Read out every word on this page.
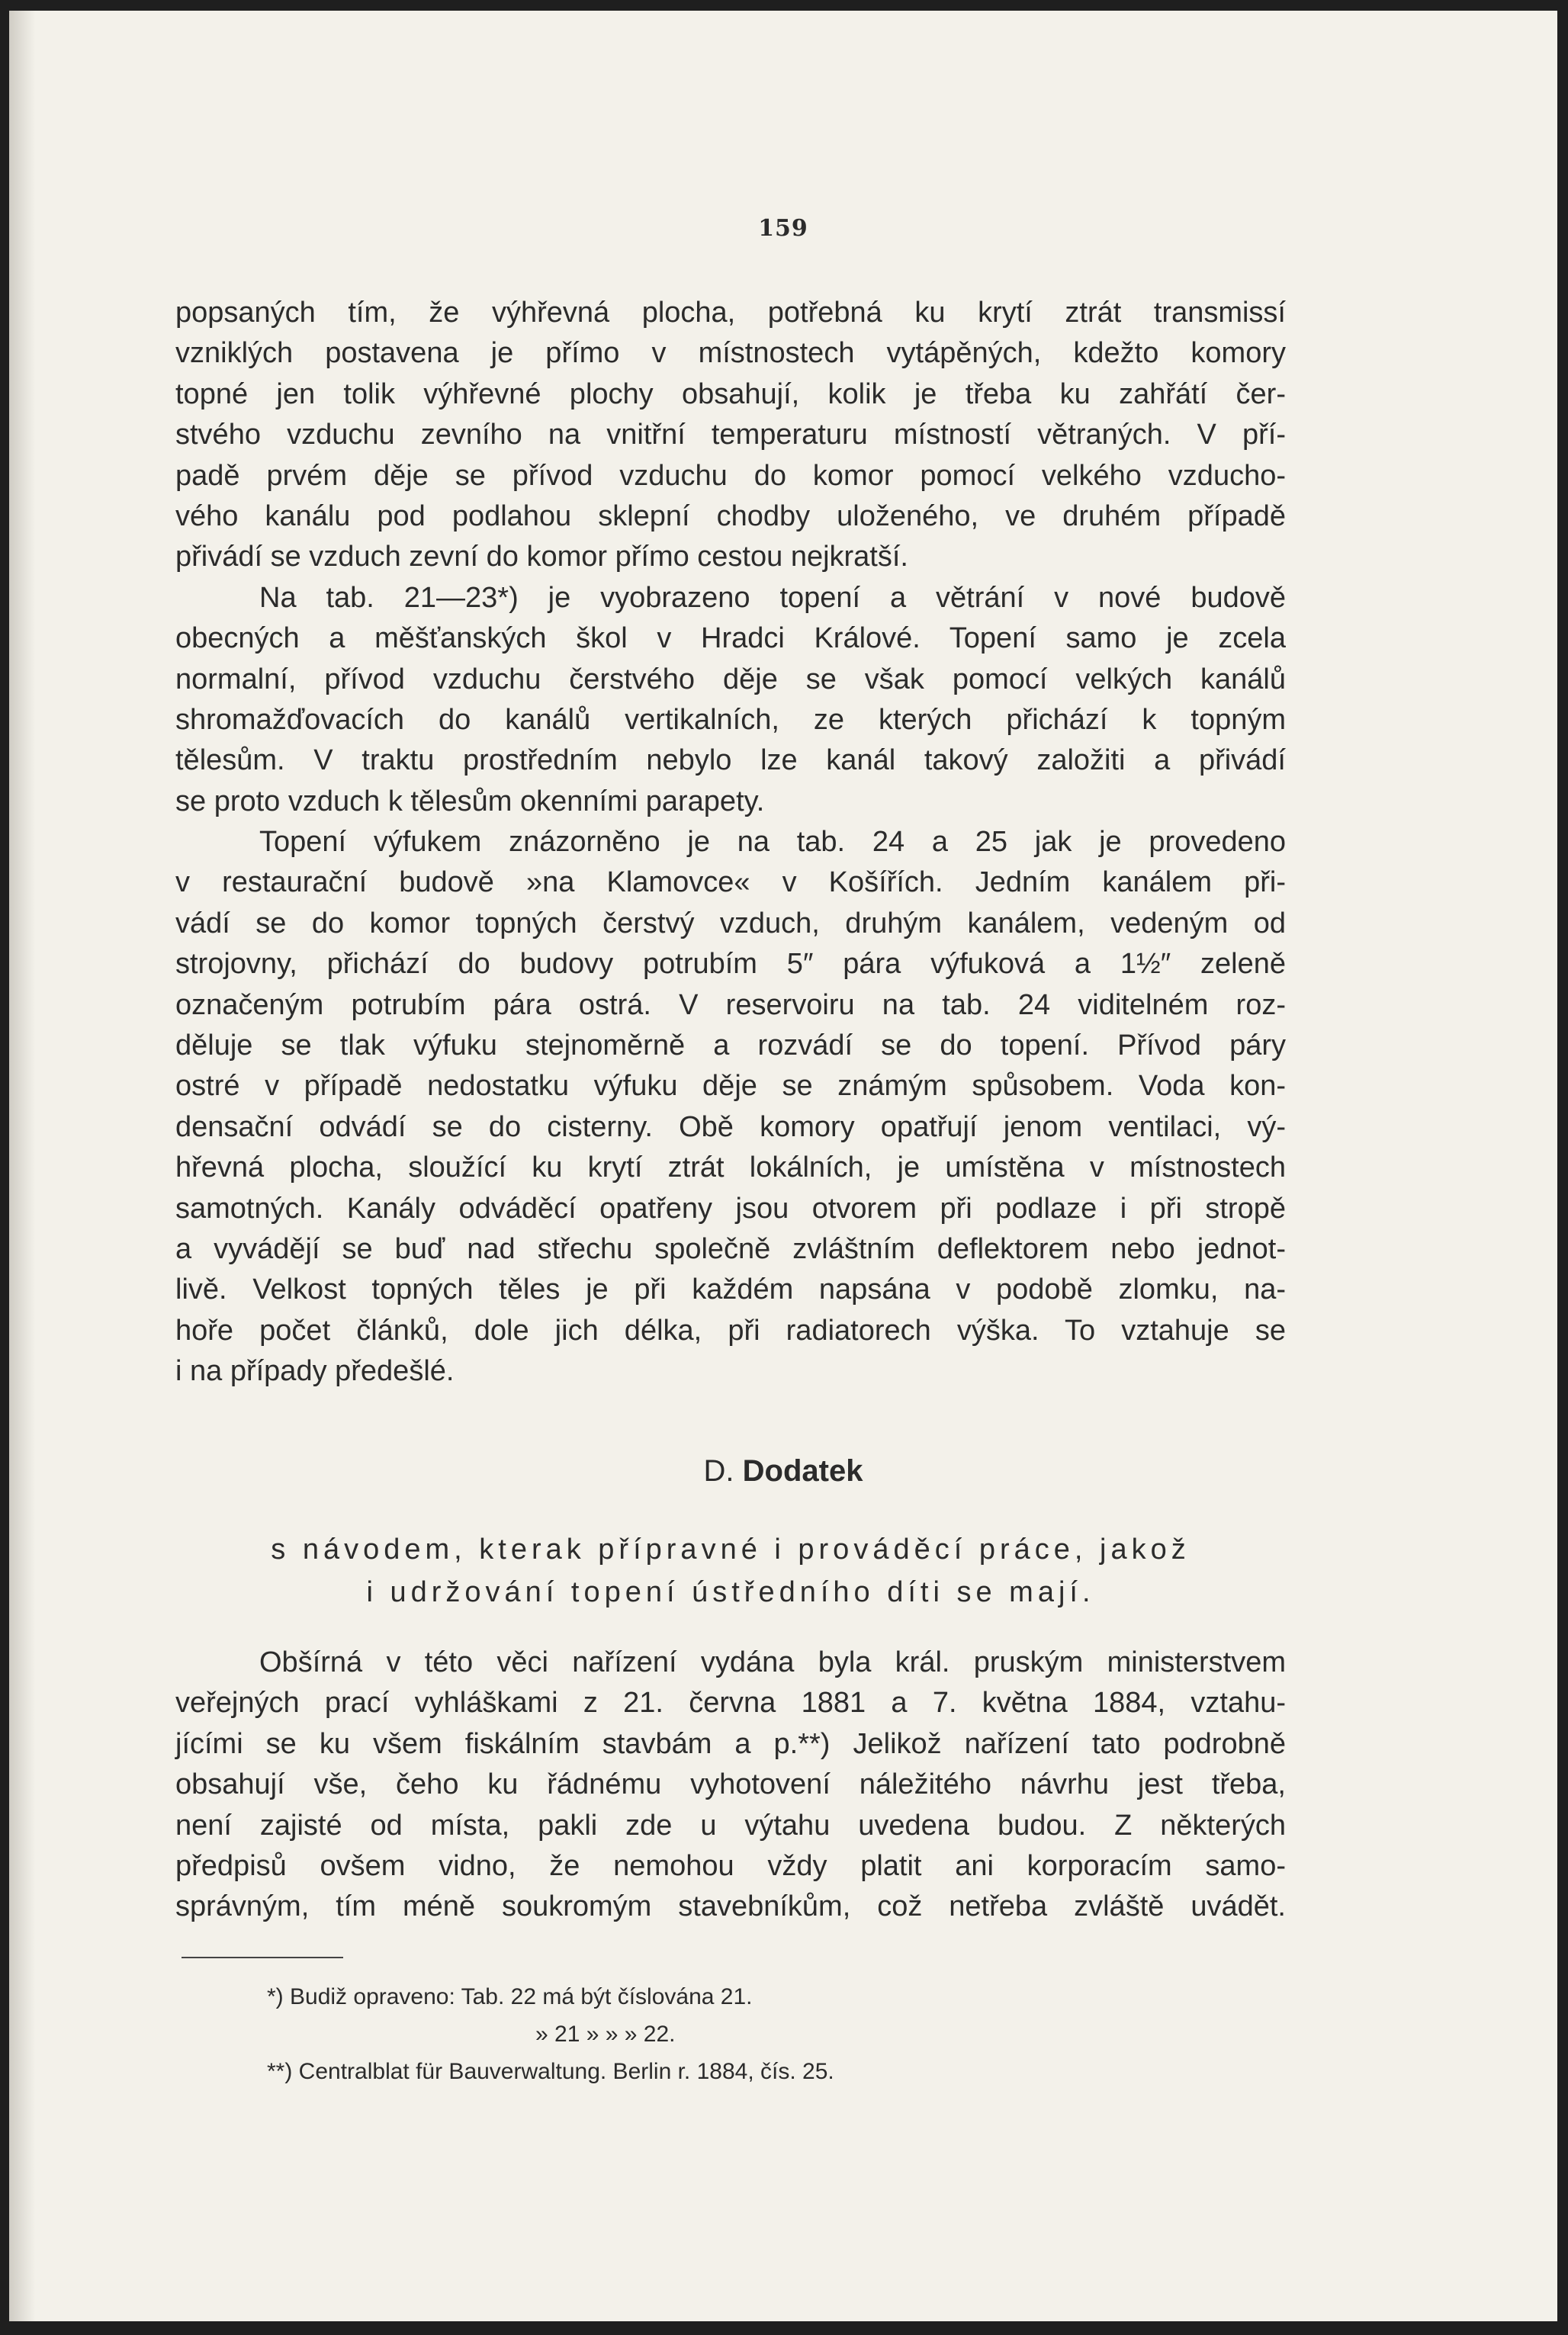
159
popsaných tím, že výhřevná plocha, potřebná ku krytí ztrát transmissí
vzniklých postavena je přímo v místnostech vytápěných, kdežto komory
topné jen tolik výhřevné plochy obsahují, kolik je třeba ku zahřátí čer-
stvého vzduchu zevního na vnitřní temperaturu místností větraných. V pří-
padě prvém děje se přívod vzduchu do komor pomocí velkého vzducho-
vého kanálu pod podlahou sklepní chodby uloženého, ve druhém případě
přivádí se vzduch zevní do komor přímo cestou nejkratší.
Na tab. 21—23*) je vyobrazeno topení a větrání v nové budově
obecných a měšťanských škol v Hradci Králové. Topení samo je zcela
normalní, přívod vzduchu čerstvého děje se však pomocí velkých kanálů
shromažďovacích do kanálů vertikalních, ze kterých přichází k topným
tělesům. V traktu prostředním nebylo lze kanál takový založiti a přivádí
se proto vzduch k tělesům okenními parapety.
Topení výfukem znázorněno je na tab. 24 a 25 jak je provedeno
v restaurační budově »na Klamovce« v Košířích. Jedním kanálem při-
vádí se do komor topných čerstvý vzduch, druhým kanálem, vedeným od
strojovny, přichází do budovy potrubím 5″ pára výfuková a 1½″ zeleně
označeným potrubím pára ostrá. V reservoiru na tab. 24 viditelném roz-
děluje se tlak výfuku stejnoměrně a rozvádí se do topení. Přívod páry
ostré v případě nedostatku výfuku děje se známým spůsobem. Voda kon-
densační odvádí se do cisterny. Obě komory opatřují jenom ventilaci, vý-
hřevná plocha, sloužící ku krytí ztrát lokálních, je umístěna v místnostech
samotných. Kanály odváděcí opatřeny jsou otvorem při podlaze i při stropě
a vyvádějí se buď nad střechu společně zvláštním deflektorem nebo jednot-
livě. Velkost topných těles je při každém napsána v podobě zlomku, na-
hoře počet článků, dole jich délka, při radiatorech výška. To vztahuje se
i na případy předešlé.
D. Dodatek
s návodem, kterak přípravné i prováděcí práce, jakož
i udržování topení ústředního díti se mají.
Obšírná v této věci nařízení vydána byla král. pruským ministerstvem
veřejných prací vyhláškami z 21. června 1881 a 7. května 1884, vztahu-
jícími se ku všem fiskálním stavbám a p.**) Jelikož nařízení tato podrobně
obsahují vše, čeho ku řádnému vyhotovení náležitého návrhu jest třeba,
není zajisté od místa, pakli zde u výtahu uvedena budou. Z některých
předpisů ovšem vidno, že nemohou vždy platit ani korporacím samo-
správným, tím méně soukromým stavebníkům, což netřeba zvláště uvádět.
*) Budiž opraveno: Tab. 22 má být číslována 21.
» 21 » » » 22.
**) Centralblat für Bauverwaltung. Berlin r. 1884, čís. 25.
